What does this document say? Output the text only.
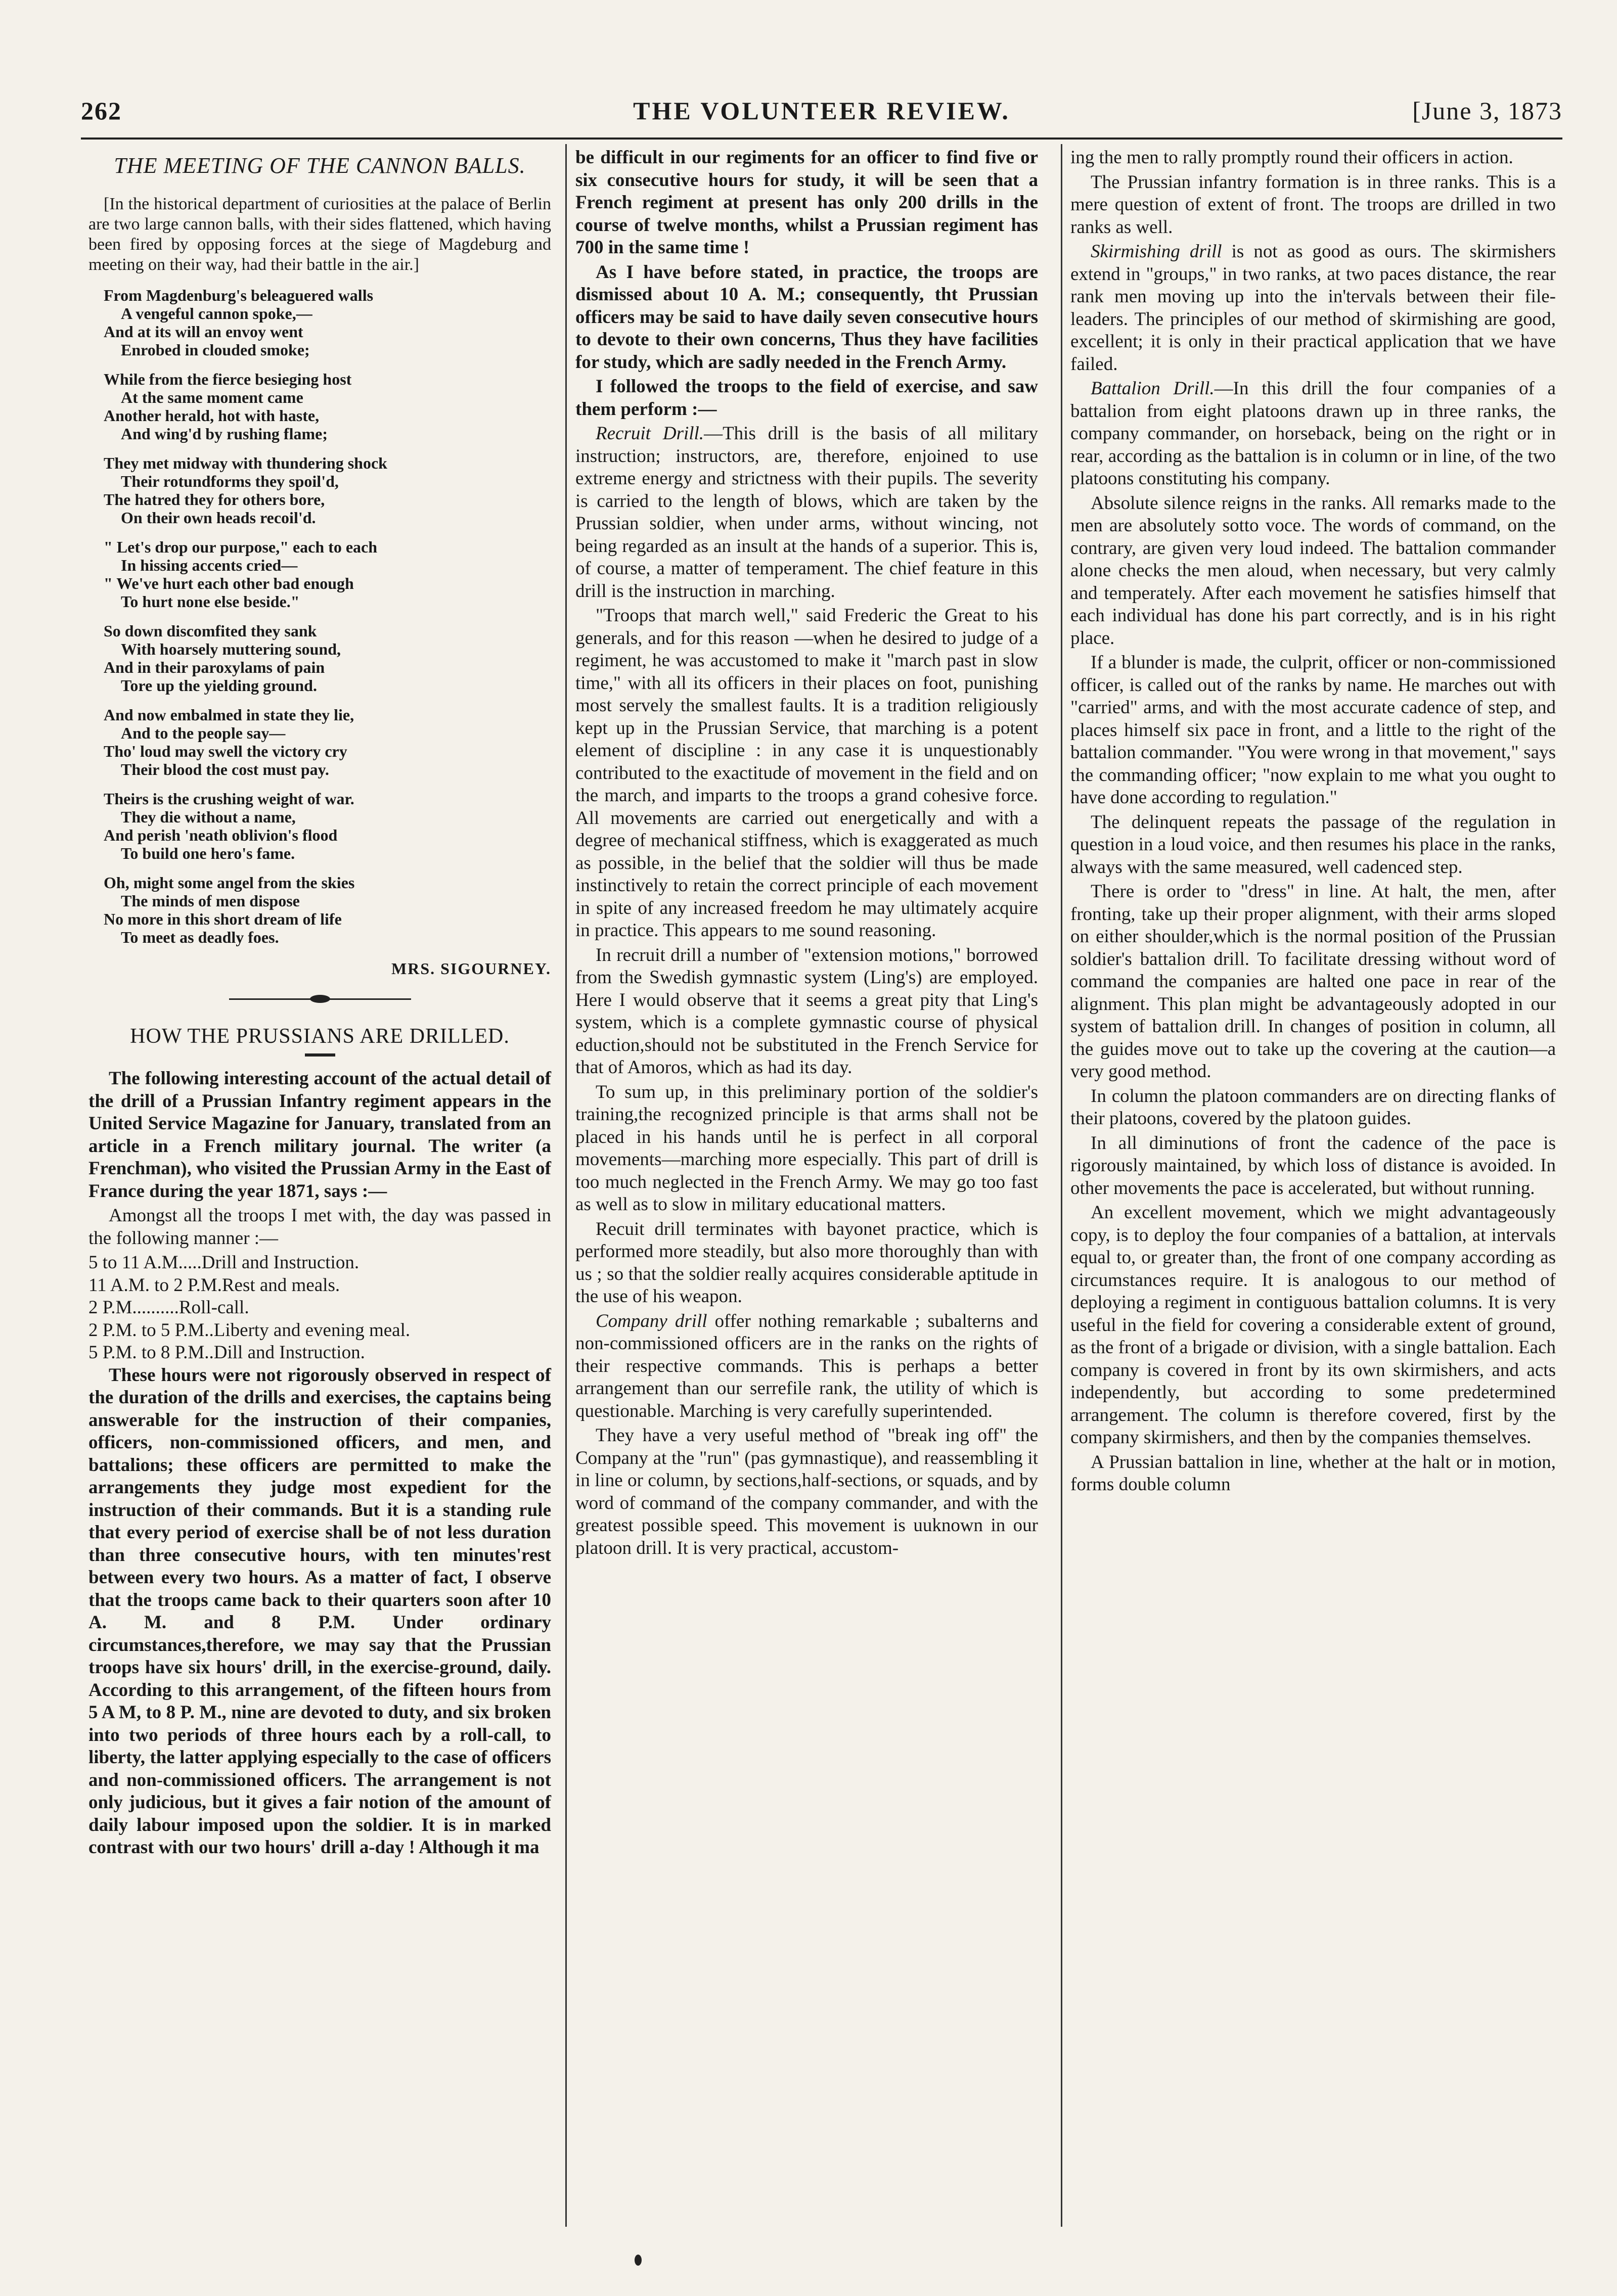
262	THE VOLUNTEER REVIEW.	[June 3, 1873
THE MEETING OF THE CANNON BALLS.

[In the historical department of curiosities at the palace of Berlin are two large cannon balls, with their sides flattened, which having been fired by opposing forces at the siege of Magdeburg and meeting on their way, had their battle in the air.]

From Magdenburg's beleaguered walls
A vengeful cannon spoke,—
And at its will an envoy went
Enrobed in clouded smoke;
While from the fierce besieging host
At the same moment came
Another herald, hot with haste,
And wing'd by rushing flame;
They met midway with thundering shock
Their rotundforms they spoil'd,
The hatred they for others bore,
On their own heads recoil'd.
" Let's drop our purpose," each to each
In hissing accents cried—
" We've hurt each other bad enough
To hurt none else beside."
So down discomfited they sank
With hoarsely muttering sound,
And in their paroxylams of pain
Tore up the yielding ground.
And now embalmed in state they lie,
And to the people say—
Tho' loud may swell the victory cry
Their blood the cost must pay.
Theirs is the crushing weight of war.
They die without a name,
And perish 'neath oblivion's flood
To build one hero's fame.
Oh, might some angel from the skies
The minds of men dispose
No more in this short dream of life
To meet as deadly foes.
MRS. SIGOURNEY.
HOW THE PRUSSIANS ARE DRILLED.

The following interesting account of the actual detail of the drill of a Prussian Infantry regiment appears in the United Service Magazine for January, translated from an article in a French military journal. The writer (a Frenchman), who visited the Prussian Army in the East of France during the year 1871, says :—

Amongst all the troops I met with, the day was passed in the following manner :—

5 to 11 A.M.....Drill and Instruction.

11 A.M. to 2 P.M.Rest and meals.

2 P.M..........Roll-call.

2 P.M. to 5 P.M..Liberty and evening meal.

5 P.M. to 8 P.M..Dill and Instruction.

These hours were not rigorously observed in respect of the duration of the drills and exercises, the captains being answerable for the instruction of their companies, officers, non-commissioned officers, and men, and battalions; these officers are permitted to make the arrangements they judge most expedient for the instruction of their commands. But it is a standing rule that every period of exercise shall be of not less duration than three consecutive hours, with ten minutes'rest between every two hours. As a matter of fact, I observe that the troops came back to their quarters soon after 10 A. M. and 8 P.M. Under ordinary circumstances,therefore, we may say that the Prussian troops have six hours' drill, in the exercise-ground, daily. According to this arrangement, of the fifteen hours from 5 A M, to 8 P. M., nine are devoted to duty, and six broken into two periods of three hours each by a roll-call, to liberty, the latter applying especially to the case of officers and non-commissioned officers. The arrangement is not only judicious, but it gives a fair notion of the amount of daily labour imposed upon the soldier. It is in marked contrast with our two hours' drill a-day ! Although it ma

be difficult in our regiments for an officer to find five or six consecutive hours for study, it will be seen that a French regiment at present has only 200 drills in the course of twelve months, whilst a Prussian regiment has 700 in the same time !

As I have before stated, in practice, the troops are dismissed about 10 A. M.; consequently, tht Prussian officers may be said to have daily seven consecutive hours to devote to their own concerns, Thus they have facilities for study, which are sadly needed in the French Army.

I followed the troops to the field of exercise, and saw them perform :—

Recruit Drill.—This drill is the basis of all military instruction; instructors, are, therefore, enjoined to use extreme energy and strictness with their pupils. The severity is carried to the length of blows, which are taken by the Prussian soldier, when under arms, without wincing, not being regarded as an insult at the hands of a superior. This is, of course, a matter of temperament. The chief feature in this drill is the instruction in marching.

"Troops that march well," said Frederic the Great to his generals, and for this reason —when he desired to judge of a regiment, he was accustomed to make it "march past in slow time," with all its officers in their places on foot, punishing most servely the smallest faults. It is a tradition religiously kept up in the Prussian Service, that marching is a potent element of discipline : in any case it is unquestionably contributed to the exactitude of movement in the field and on the march, and imparts to the troops a grand cohesive force. All movements are carried out energetically and with a degree of mechanical stiffness, which is exaggerated as much as possible, in the belief that the soldier will thus be made instinctively to retain the correct principle of each movement in spite of any increased freedom he may ultimately acquire in practice. This appears to me sound reasoning.

In recruit drill a number of "extension motions," borrowed from the Swedish gymnastic system (Ling's) are employed. Here I would observe that it seems a great pity that Ling's system, which is a complete gymnastic course of physical eduction,should not be substituted in the French Service for that of Amoros, which as had its day.

To sum up, in this preliminary portion of the soldier's training,the recognized principle is that arms shall not be placed in his hands until he is perfect in all corporal movements—marching more especially. This part of drill is too much neglected in the French Army. We may go too fast as well as to slow in military educational matters.

Recuit drill terminates with bayonet practice, which is performed more steadily, but also more thoroughly than with us ; so that the soldier really acquires considerable aptitude in the use of his weapon.

Company drill offer nothing remarkable ; subalterns and non-commissioned officers are in the ranks on the rights of their respective commands. This is perhaps a better arrangement than our serrefile rank, the utility of which is questionable. Marching is very carefully superintended.

They have a very useful method of "break ing off" the Company at the "run" (pas gymnastique), and reassembling it in line or column, by sections,half-sections, or squads, and by word of command of the company commander, and with the greatest possible speed. This movement is uuknown in our platoon drill. It is very practical, accustom-

ing the men to rally promptly round their officers in action.

The Prussian infantry formation is in three ranks. This is a mere question of extent of front. The troops are drilled in two ranks as well.

Skirmishing drill is not as good as ours. The skirmishers extend in "groups," in two ranks, at two paces distance, the rear rank men moving up into the in'tervals between their file-leaders. The principles of our method of skirmishing are good, excellent; it is only in their practical application that we have failed.

Battalion Drill.—In this drill the four companies of a battalion from eight platoons drawn up in three ranks, the company commander, on horseback, being on the right or in rear, according as the battalion is in column or in line, of the two platoons constituting his company.

Absolute silence reigns in the ranks. All remarks made to the men are absolutely sotto voce. The words of command, on the contrary, are given very loud indeed. The battalion commander alone checks the men aloud, when necessary, but very calmly and temperately. After each movement he satisfies himself that each individual has done his part correctly, and is in his right place.

If a blunder is made, the culprit, officer or non-commissioned officer, is called out of the ranks by name. He marches out with "carried" arms, and with the most accurate cadence of step, and places himself six pace in front, and a little to the right of the battalion commander. "You were wrong in that movement," says the commanding officer; "now explain to me what you ought to have done according to regulation."

The delinquent repeats the passage of the regulation in question in a loud voice, and then resumes his place in the ranks, always with the same measured, well cadenced step.

There is order to "dress" in line. At halt, the men, after fronting, take up their proper alignment, with their arms sloped on either shoulder,which is the normal position of the Prussian soldier's battalion drill. To facilitate dressing without word of command the companies are halted one pace in rear of the alignment. This plan might be advantageously adopted in our system of battalion drill. In changes of position in column, all the guides move out to take up the covering at the caution—a very good method.

In column the platoon commanders are on directing flanks of their platoons, covered by the platoon guides.

In all diminutions of front the cadence of the pace is rigorously maintained, by which loss of distance is avoided. In other movements the pace is accelerated, but without running.

An excellent movement, which we might advantageously copy, is to deploy the four companies of a battalion, at intervals equal to, or greater than, the front of one company according as circumstances require. It is analogous to our method of deploying a regiment in contiguous battalion columns. It is very useful in the field for covering a considerable extent of ground, as the front of a brigade or division, with a single battalion. Each company is covered in front by its own skirmishers, and acts independently, but according to some predetermined arrangement. The column is therefore covered, first by the company skirmishers, and then by the companies themselves.

A Prussian battalion in line, whether at the halt or in motion, forms double column
